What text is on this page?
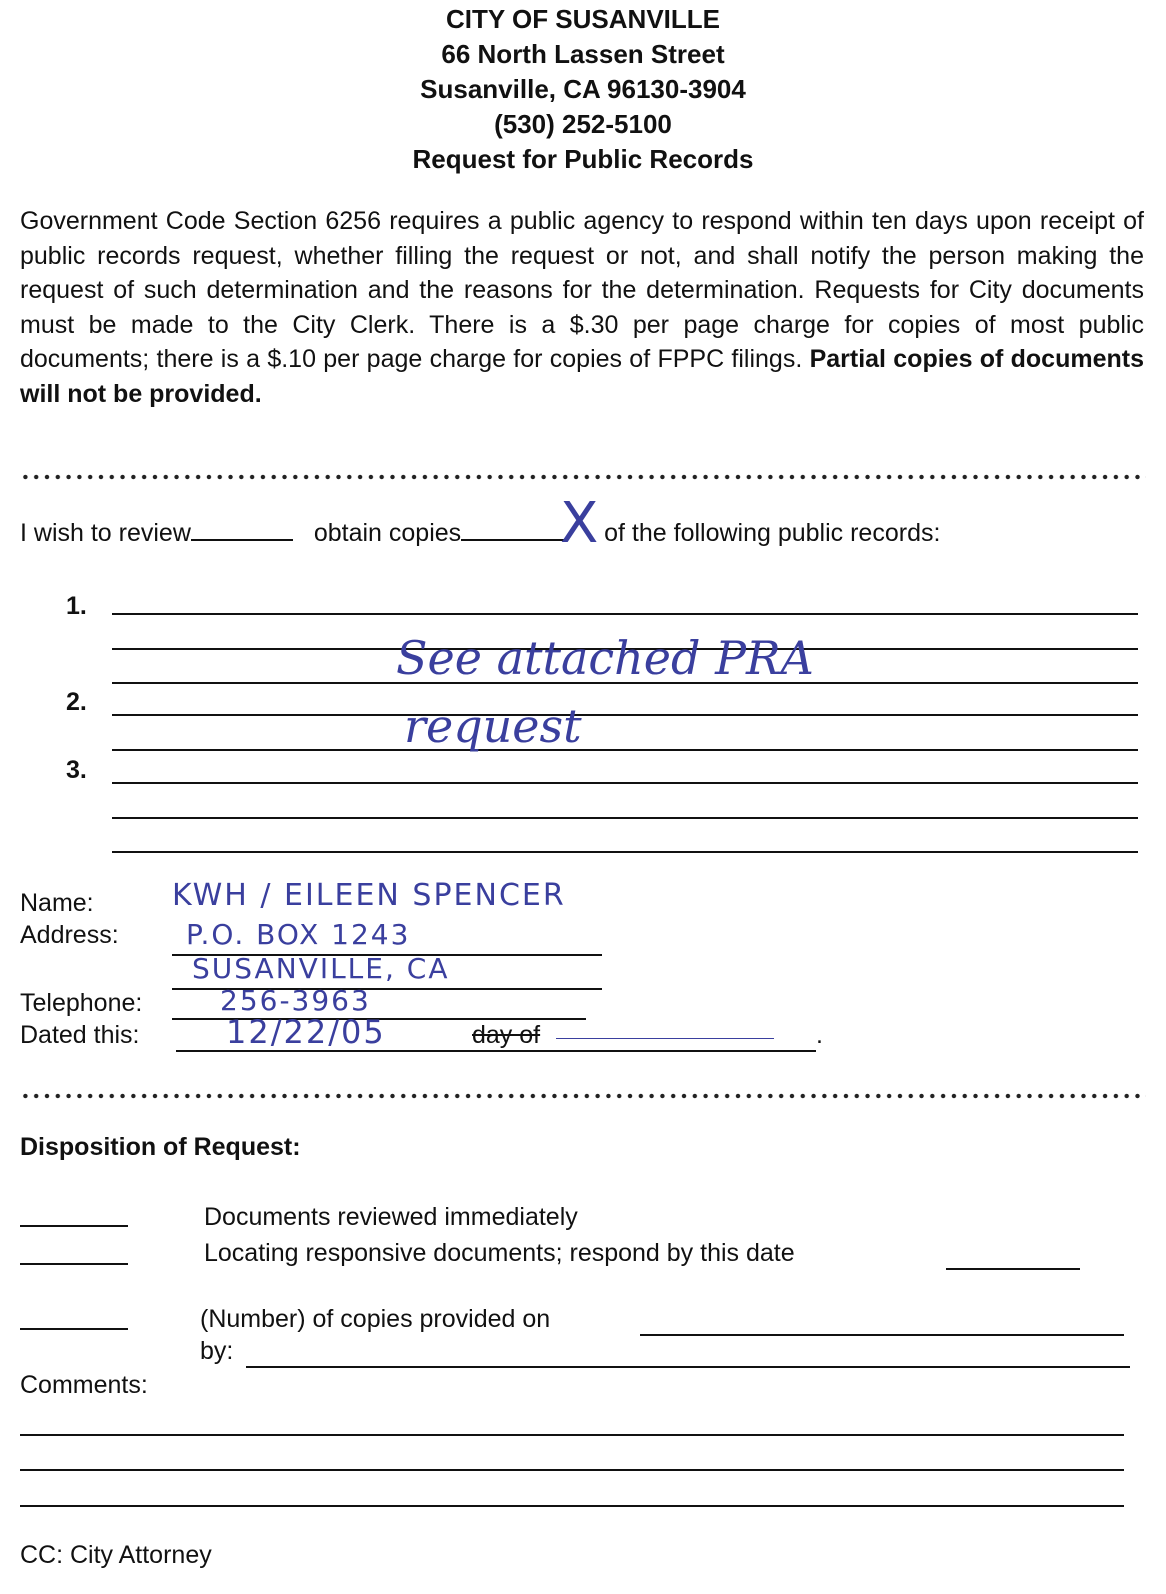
CITY OF SUSANVILLE
66 North Lassen Street
Susanville, CA 96130-3904
(530) 252-5100
Request for Public Records
Government Code Section 6256 requires a public agency to respond within ten days upon receipt of public records request, whether filling the request or not, and shall notify the person making the request of such determination and the reasons for the determination. Requests for City documents must be made to the City Clerk. There is a $.30 per page charge for copies of most public documents; there is a $.10 per page charge for copies of FPPC filings. Partial copies of documents will not be provided.
I wish to review	obtain copies	of the following public records:
X
1.
2.
3.
See attached PRA
request
Name:	KWH / EILEEN SPENCER
Address: P.O. BOX 1243
SUSANVILLE, CA
Telephone:	256-3963
Dated this:	12/22/05	day of	.
Disposition of Request:
Documents reviewed immediately
Locating responsive documents; respond by this date
(Number) of copies provided on
by:
Comments:
CC: City Attorney
